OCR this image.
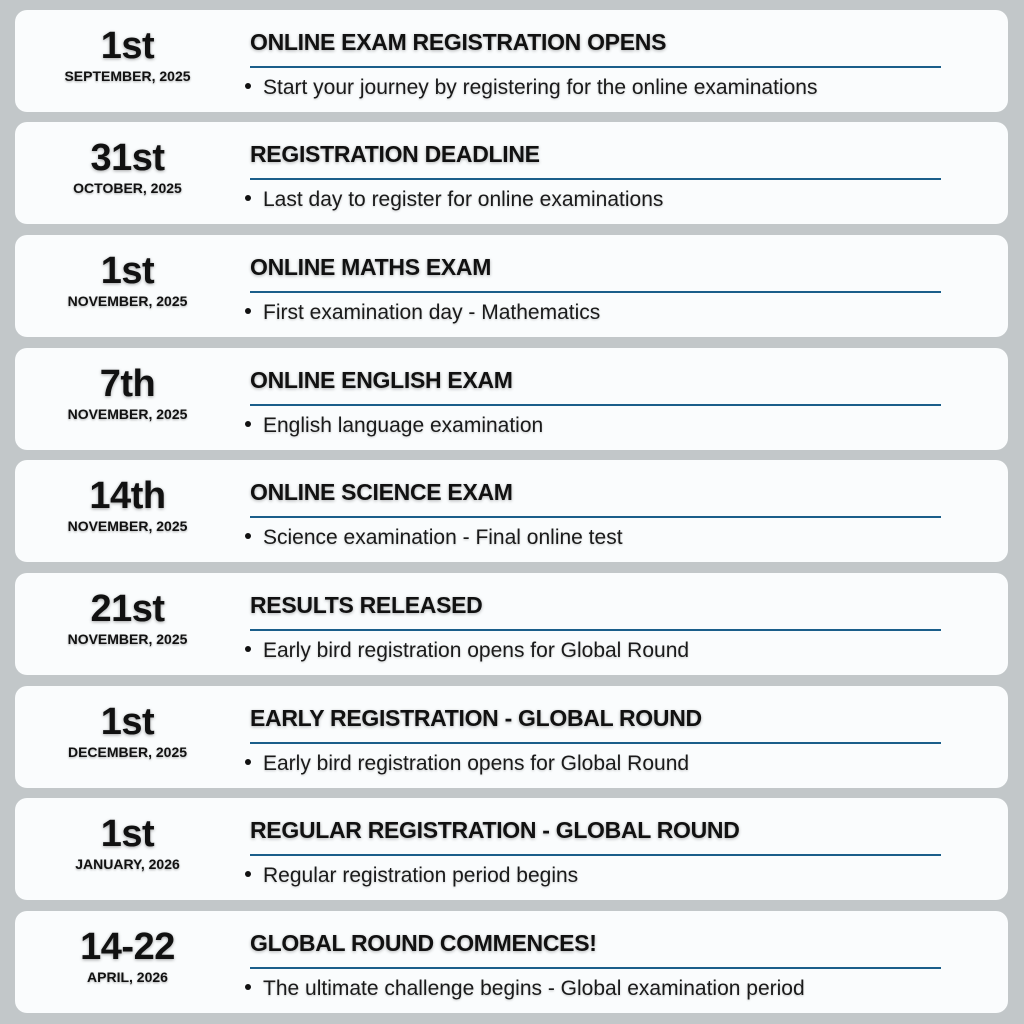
1st
SEPTEMBER, 2025
ONLINE EXAM REGISTRATION OPENS
Start your journey by registering for the online examinations
31st
OCTOBER, 2025
REGISTRATION DEADLINE
Last day to register for online examinations
1st
NOVEMBER, 2025
ONLINE MATHS EXAM
First examination day - Mathematics
7th
NOVEMBER, 2025
ONLINE ENGLISH EXAM
English language examination
14th
NOVEMBER, 2025
ONLINE SCIENCE EXAM
Science examination - Final online test
21st
NOVEMBER, 2025
RESULTS RELEASED
Early bird registration opens for Global Round
1st
DECEMBER, 2025
EARLY REGISTRATION - GLOBAL ROUND
Early bird registration opens for Global Round
1st
JANUARY, 2026
REGULAR REGISTRATION - GLOBAL ROUND
Regular registration period begins
14-22
APRIL, 2026
GLOBAL ROUND COMMENCES!
The ultimate challenge begins - Global examination period
